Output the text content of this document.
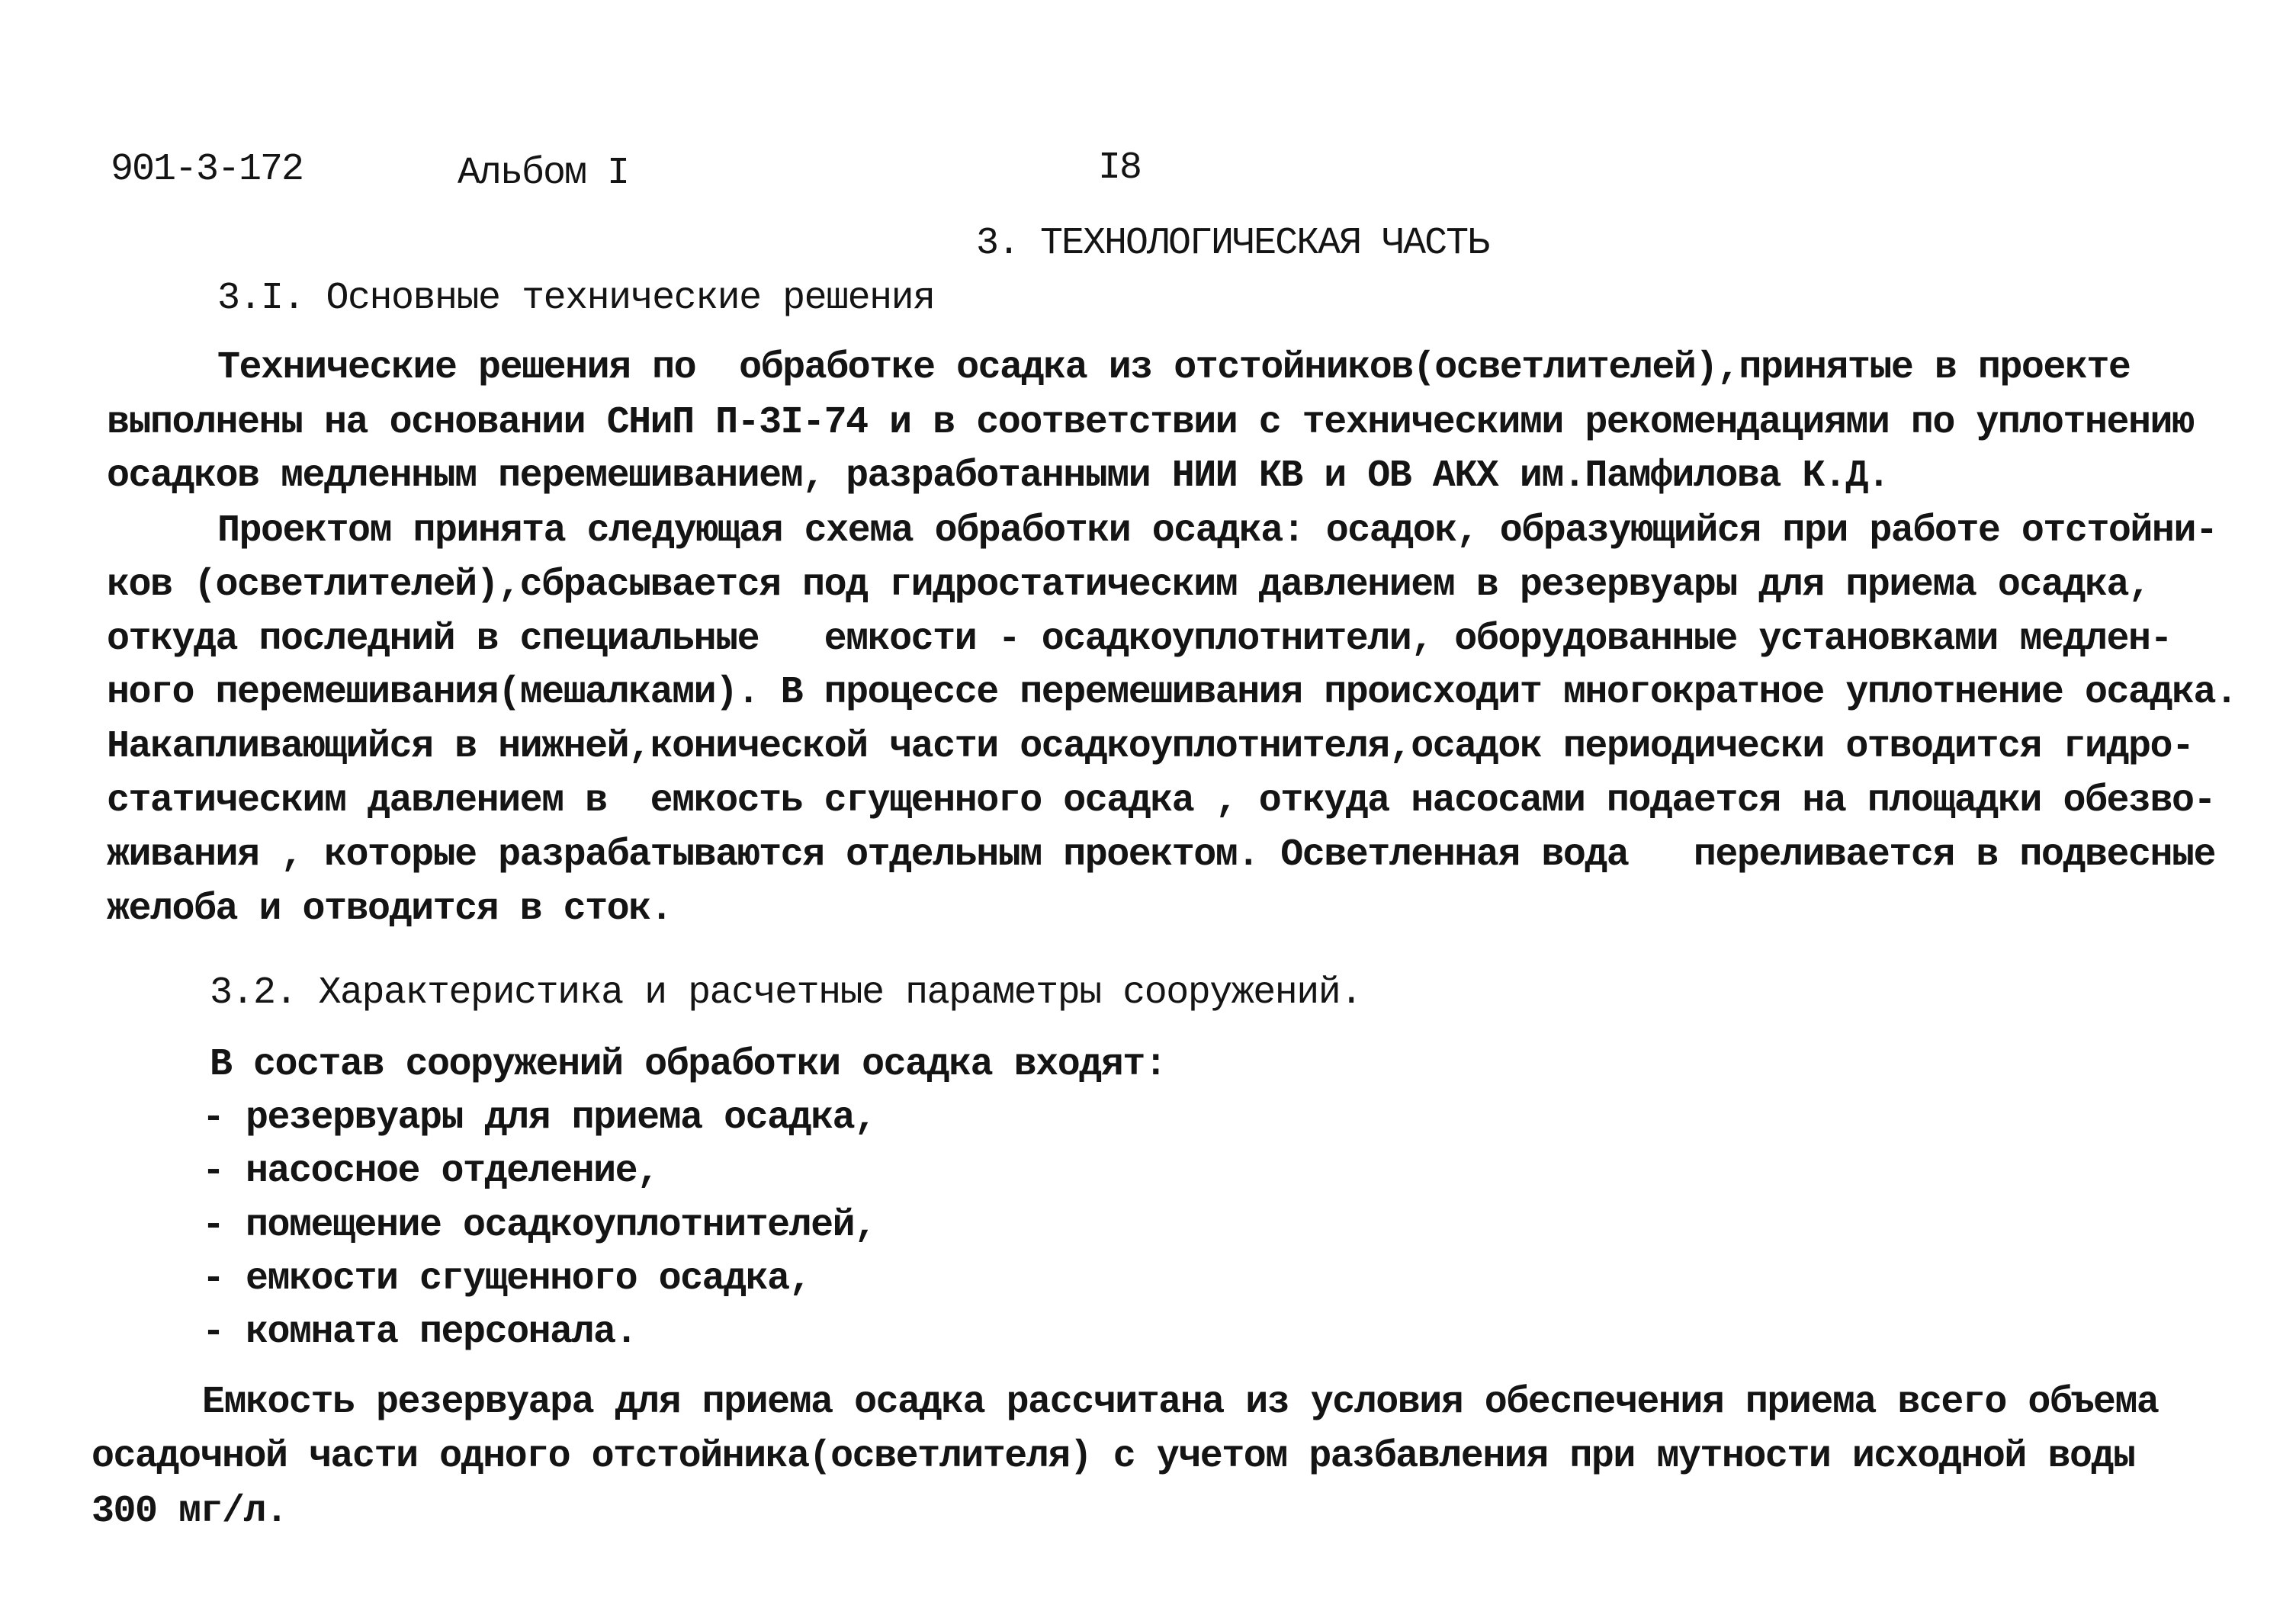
901-3-172	Альбом I	I8
3. ТЕХНОЛОГИЧЕСКАЯ ЧАСТЬ
3.I. Основные технические решения
Технические решения по  обработке осадка из отстойников(осветлителей),принятые в проекте
выполнены на основании СНиП П-3I-74 и в соответствии с техническими рекомендациями по уплотнению
осадков медленным перемешиванием, разработанными НИИ КВ и ОВ АКХ им.Памфилова К.Д.
Проектом принята следующая схема обработки осадка: осадок, образующийся при работе отстойни-
ков (осветлителей),сбрасывается под гидростатическим давлением в резервуары для приема осадка,
откуда последний в специальные   емкости - осадкоуплотнители, оборудованные установками медлен-
ного перемешивания(мешалками). В процессе перемешивания происходит многократное уплотнение осадка.
Накапливающийся в нижней,конической части осадкоуплотнителя,осадок периодически отводится гидро-
статическим давлением в  емкость сгущенного осадка , откуда насосами подается на площадки обезво-
живания , которые разрабатываются отдельным проектом. Осветленная вода   переливается в подвесные
желоба и отводится в сток.
3.2. Характеристика и расчетные параметры сооружений.
В состав сооружений обработки осадка входят:
- резервуары для приема осадка,
- насосное отделение,
- помещение осадкоуплотнителей,
- емкости сгущенного осадка,
- комната персонала.
Емкость резервуара для приема осадка рассчитана из условия обеспечения приема всего объема
осадочной части одного отстойника(осветлителя) с учетом разбавления при мутности исходной воды
300 мг/л.
